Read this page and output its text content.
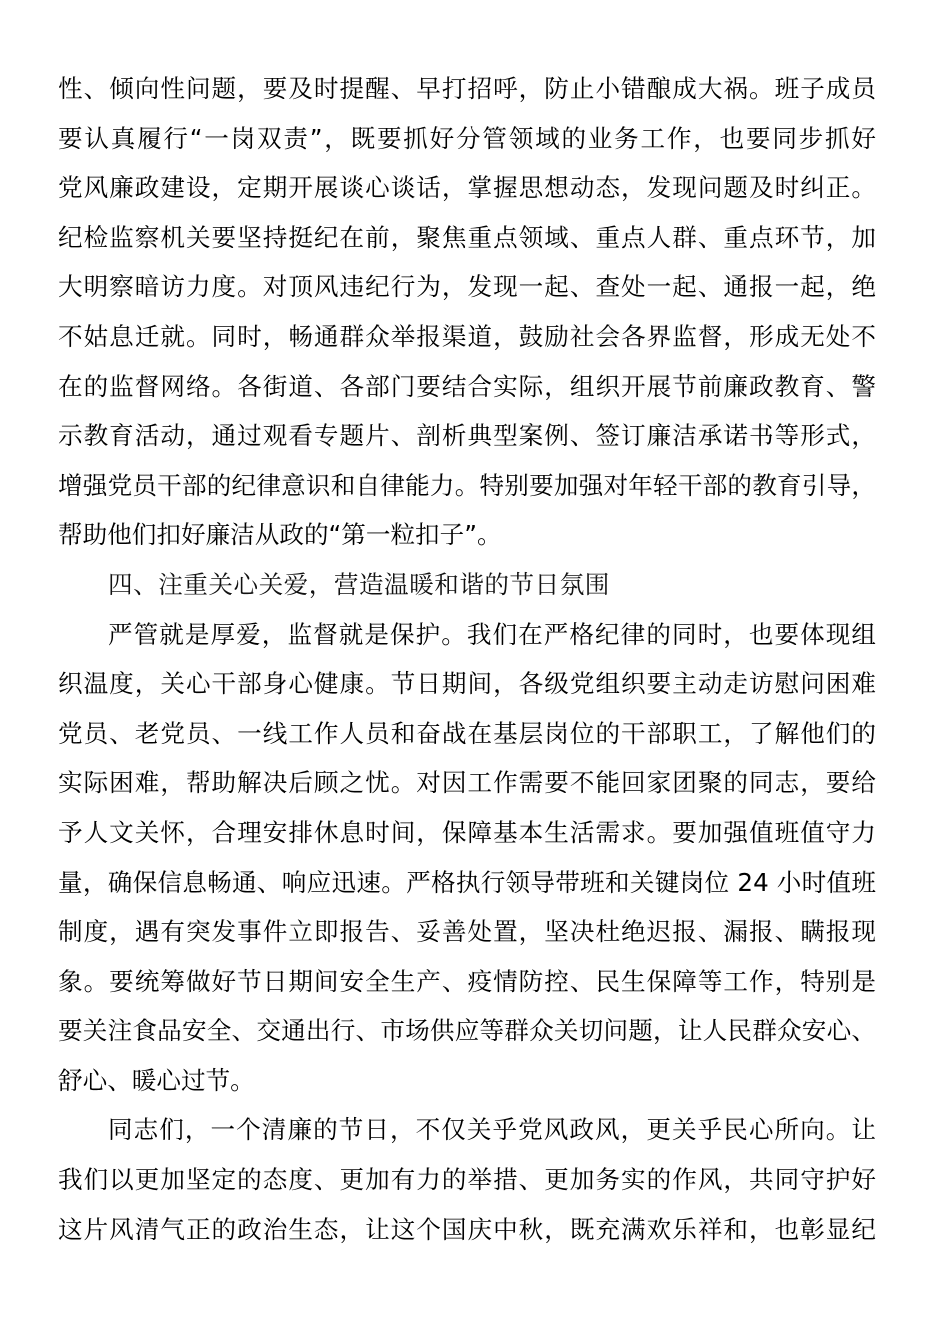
性、倾向性问题，要及时提醒、早打招呼，防止小错酿成大祸。班子成员
要认真履行“一岗双责”，既要抓好分管领域的业务工作，也要同步抓好
党风廉政建设，定期开展谈心谈话，掌握思想动态，发现问题及时纠正。
纪检监察机关要坚持挺纪在前，聚焦重点领域、重点人群、重点环节，加
大明察暗访力度。对顶风违纪行为，发现一起、查处一起、通报一起，绝
不姑息迁就。同时，畅通群众举报渠道，鼓励社会各界监督，形成无处不
在的监督网络。各街道、各部门要结合实际，组织开展节前廉政教育、警
示教育活动，通过观看专题片、剖析典型案例、签订廉洁承诺书等形式，
增强党员干部的纪律意识和自律能力。特别要加强对年轻干部的教育引导，
帮助他们扣好廉洁从政的“第一粒扣子”。
四、注重关心关爱，营造温暖和谐的节日氛围
严管就是厚爱，监督就是保护。我们在严格纪律的同时，也要体现组
织温度，关心干部身心健康。节日期间，各级党组织要主动走访慰问困难
党员、老党员、一线工作人员和奋战在基层岗位的干部职工，了解他们的
实际困难，帮助解决后顾之忧。对因工作需要不能回家团聚的同志，要给
予人文关怀，合理安排休息时间，保障基本生活需求。要加强值班值守力
量，确保信息畅通、响应迅速。严格执行领导带班和关键岗位 24 小时值班
制度，遇有突发事件立即报告、妥善处置，坚决杜绝迟报、漏报、瞒报现
象。要统筹做好节日期间安全生产、疫情防控、民生保障等工作，特别是
要关注食品安全、交通出行、市场供应等群众关切问题，让人民群众安心、
舒心、暖心过节。
同志们，一个清廉的节日，不仅关乎党风政风，更关乎民心所向。让
我们以更加坚定的态度、更加有力的举措、更加务实的作风，共同守护好
这片风清气正的政治生态，让这个国庆中秋，既充满欢乐祥和，也彰显纪
